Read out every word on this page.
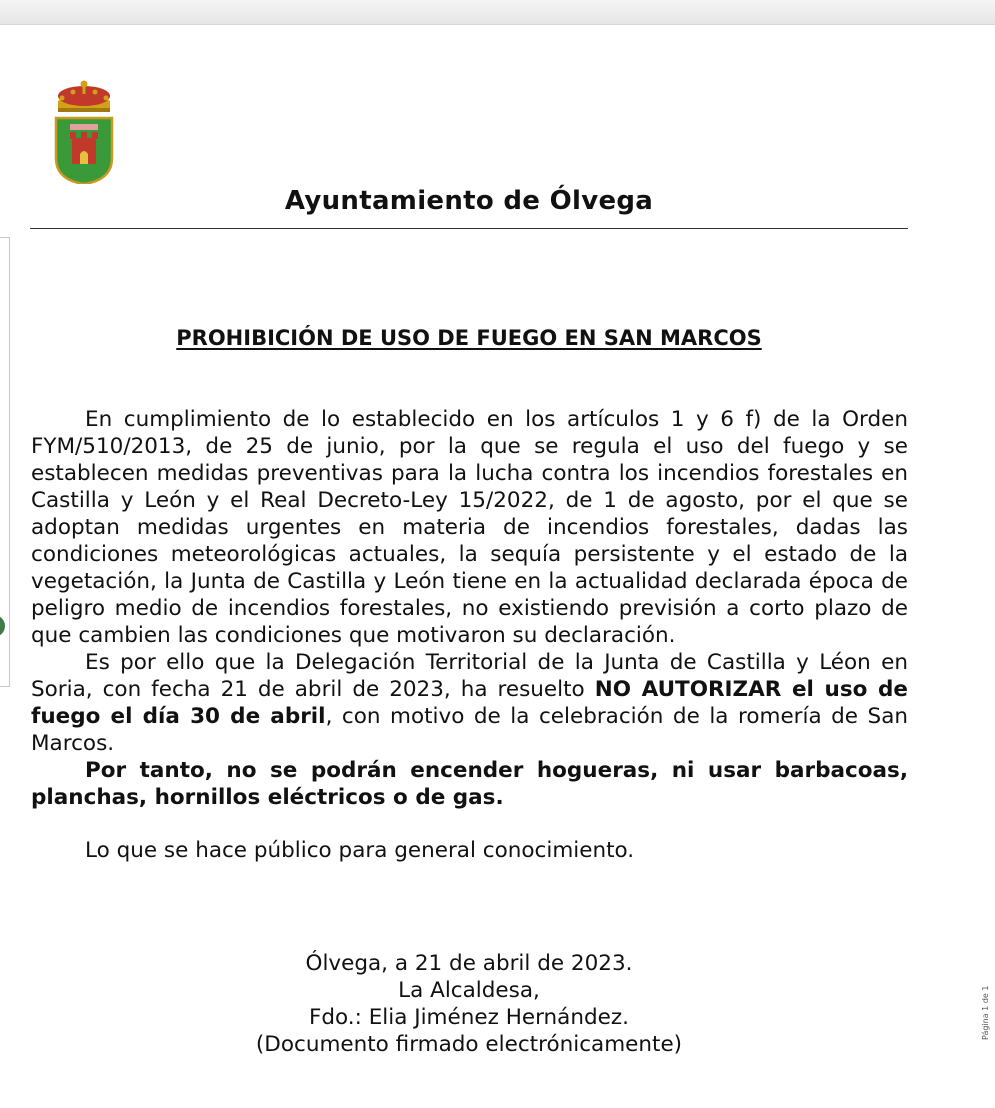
Ayuntamiento de Ólvega
PROHIBICIÓN DE USO DE FUEGO EN SAN MARCOS

En cumplimiento de lo establecido en los artículos 1 y 6 f) de la Orden FYM/510/2013, de 25 de junio, por la que se regula el uso del fuego y se establecen medidas preventivas para la lucha contra los incendios forestales en Castilla y León y el Real Decreto-Ley 15/2022, de 1 de agosto, por el que se adoptan medidas urgentes en materia de incendios forestales, dadas las condiciones meteorológicas actuales, la sequía persistente y el estado de la vegetación, la Junta de Castilla y León tiene en la actualidad declarada época de peligro medio de incendios forestales, no existiendo previsión a corto plazo de que cambien las condiciones que motivaron su declaración.

Es por ello que la Delegación Territorial de la Junta de Castilla y Léon en Soria, con fecha 21 de abril de 2023, ha resuelto NO AUTORIZAR el uso de fuego el día 30 de abril, con motivo de la celebración de la romería de San Marcos.

Por tanto, no se podrán encender hogueras, ni usar barbacoas, planchas, hornillos eléctricos o de gas.

Lo que se hace público para general conocimiento.

Ólvega, a 21 de abril de 2023.
La Alcaldesa,
Fdo.: Elia Jiménez Hernández.
(Documento firmado electrónicamente)
Página 1 de 1
